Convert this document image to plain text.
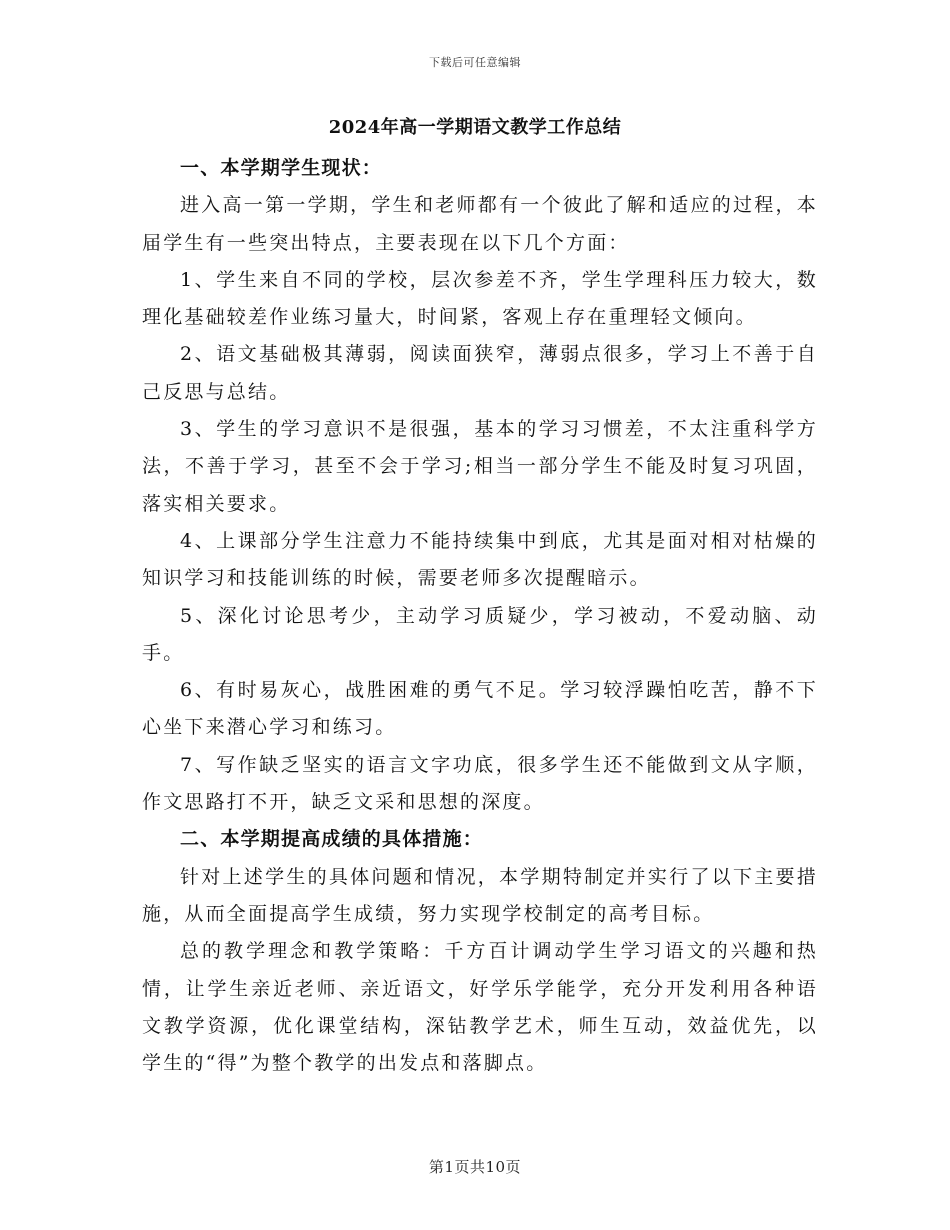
下载后可任意编辑
2024年高一学期语文教学工作总结
一、本学期学生现状：

进入高一第一学期，学生和老师都有一个彼此了解和适应的过程，本届学生有一些突出特点，主要表现在以下几个方面：

1、学生来自不同的学校，层次参差不齐，学生学理科压力较大，数理化基础较差作业练习量大，时间紧，客观上存在重理轻文倾向。

2、语文基础极其薄弱，阅读面狭窄，薄弱点很多，学习上不善于自己反思与总结。

3、学生的学习意识不是很强，基本的学习习惯差，不太注重科学方法，不善于学习，甚至不会于学习;相当一部分学生不能及时复习巩固，落实相关要求。

4、上课部分学生注意力不能持续集中到底，尤其是面对相对枯燥的知识学习和技能训练的时候，需要老师多次提醒暗示。

5、深化讨论思考少，主动学习质疑少，学习被动，不爱动脑、动手。

6、有时易灰心，战胜困难的勇气不足。学习较浮躁怕吃苦，静不下心坐下来潜心学习和练习。

7、写作缺乏坚实的语言文字功底，很多学生还不能做到文从字顺，作文思路打不开，缺乏文采和思想的深度。

二、本学期提高成绩的具体措施：

针对上述学生的具体问题和情况，本学期特制定并实行了以下主要措施，从而全面提高学生成绩，努力实现学校制定的高考目标。

总的教学理念和教学策略：千方百计调动学生学习语文的兴趣和热情，让学生亲近老师、亲近语文，好学乐学能学，充分开发利用各种语文教学资源，优化课堂结构，深钻教学艺术，师生互动，效益优先，以学生的“得”为整个教学的出发点和落脚点。

第1页共10页
